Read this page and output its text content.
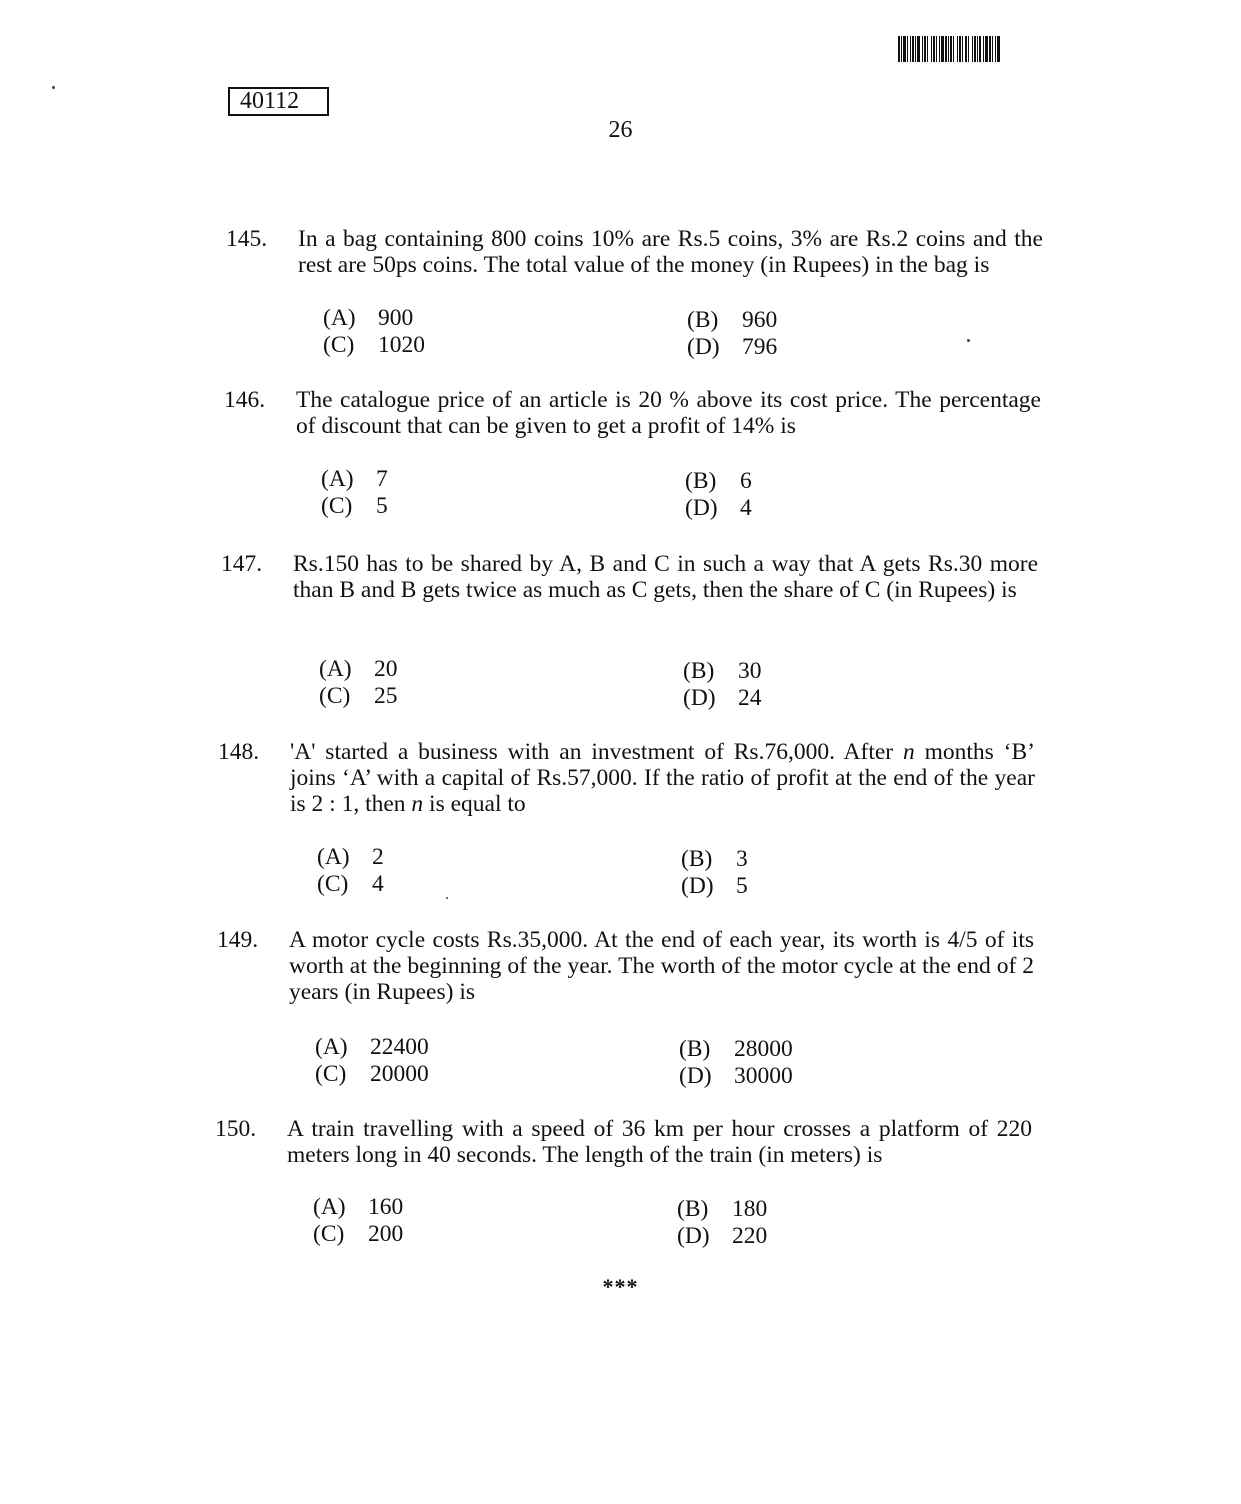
40112
26
145.	In a bag containing 800 coins 10% are Rs.5 coins, 3% are Rs.2 coins and the rest are 50ps coins. The total value of the money (in Rupees) in the bag is
(A) 900	(B) 960
(C) 1020	(D) 796
146.	The catalogue price of an article is 20 % above its cost price. The percentage of discount that can be given to get a profit of 14% is
(A) 7	(B) 6
(C) 5	(D) 4
147.	Rs.150 has to be shared by A, B and C in such a way that A gets Rs.30 more than B and B gets twice as much as C gets, then the share of C (in Rupees) is
(A) 20	(B) 30
(C) 25	(D) 24
148.	'A' started a business with an investment of Rs.76,000. After n months ‘B’ joins ‘A’ with a capital of Rs.57,000. If the ratio of profit at the end of the year is 2 : 1, then n is equal to
(A) 2	(B) 3
(C) 4	(D) 5
149.	A motor cycle costs Rs.35,000. At the end of each year, its worth is 4/5 of its worth at the beginning of the year. The worth of the motor cycle at the end of 2 years (in Rupees) is
(A) 22400	(B) 28000
(C) 20000	(D) 30000
150.	A train travelling with a speed of 36 km per hour crosses a platform of 220 meters long in 40 seconds. The length of the train (in meters) is
(A) 160	(B) 180
(C) 200	(D) 220
***
